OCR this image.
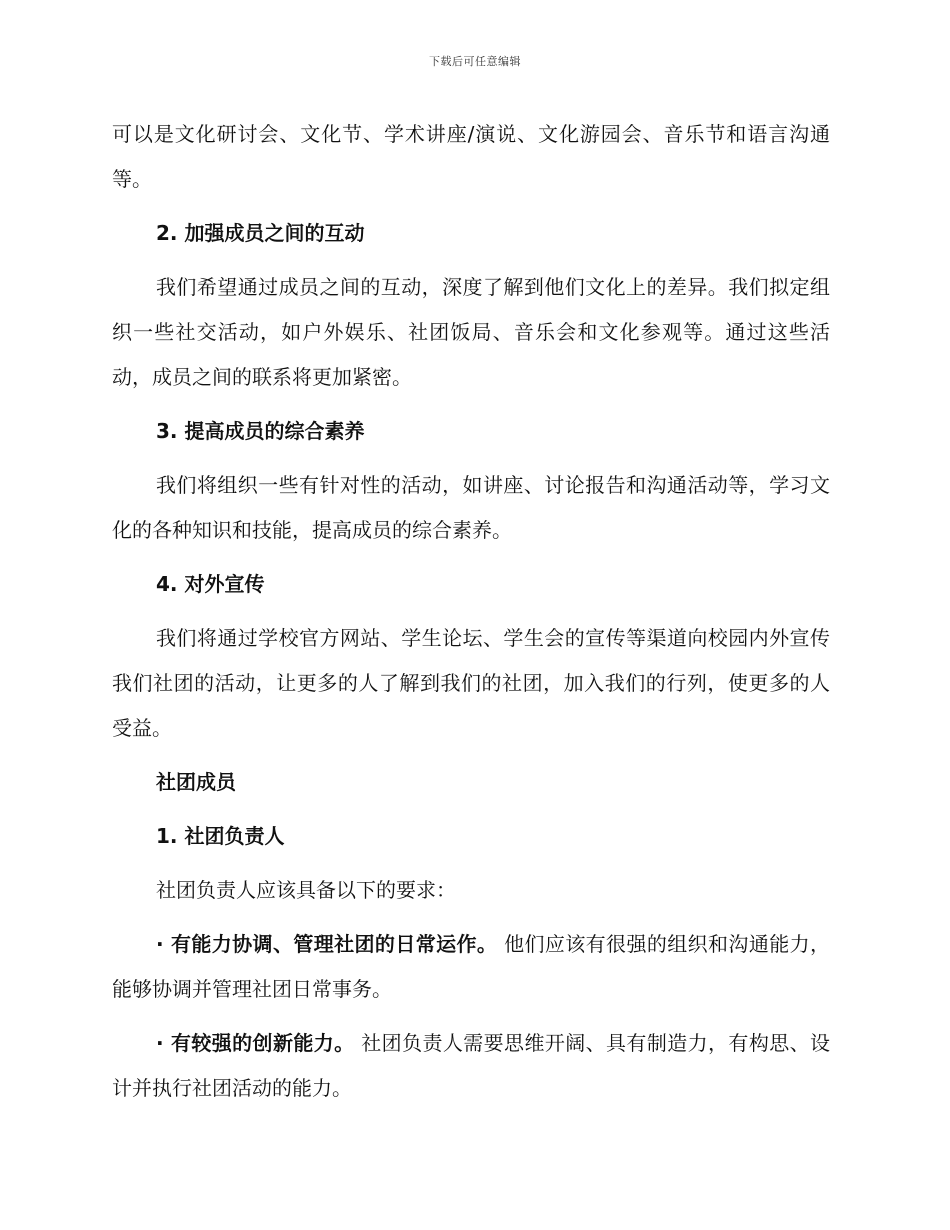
下载后可任意编辑

可以是文化研讨会、文化节、学术讲座/演说、文化游园会、音乐节和语言沟通等。

2. 加强成员之间的互动

我们希望通过成员之间的互动，深度了解到他们文化上的差异。我们拟定组织一些社交活动，如户外娱乐、社团饭局、音乐会和文化参观等。通过这些活动，成员之间的联系将更加紧密。

3. 提高成员的综合素养

我们将组织一些有针对性的活动，如讲座、讨论报告和沟通活动等，学习文化的各种知识和技能，提高成员的综合素养。

4. 对外宣传

我们将通过学校官方网站、学生论坛、学生会的宣传等渠道向校园内外宣传我们社团的活动，让更多的人了解到我们的社团，加入我们的行列，使更多的人受益。

社团成员

1. 社团负责人

社团负责人应该具备以下的要求：

· 有能力协调、管理社团的日常运作。 他们应该有很强的组织和沟通能力，能够协调并管理社团日常事务。

· 有较强的创新能力。 社团负责人需要思维开阔、具有制造力，有构思、设计并执行社团活动的能力。
